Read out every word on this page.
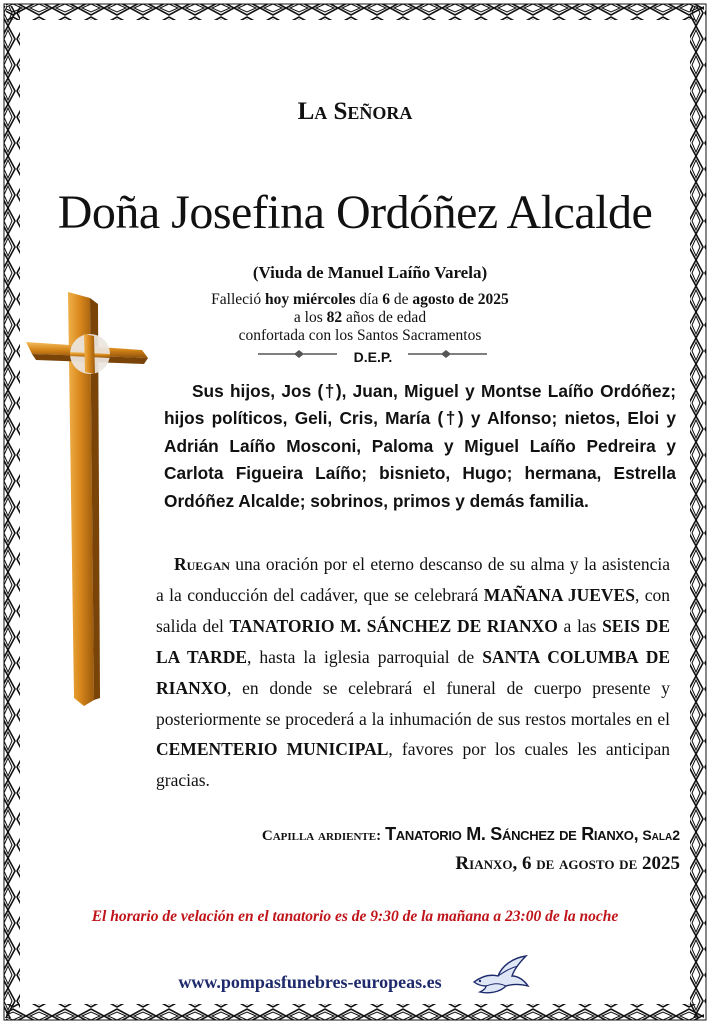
La Señora
Doña Josefina Ordóñez Alcalde
(Viuda de Manuel Laíño Varela)
Falleció hoy miércoles día 6 de agosto de 2025
a los 82 años de edad
confortada con los Santos Sacramentos
D.E.P.
Sus hijos, Jos (†), Juan, Miguel y Montse Laíño Ordóñez; hijos políticos, Geli, Cris, María (†) y Alfonso; nietos, Eloi y Adrián Laíño Mosconi, Paloma y Miguel Laíño Pedreira y Carlota Figueira Laíño; bisnieto, Hugo; hermana, Estrella Ordóñez Alcalde; sobrinos, primos y demás familia.
Ruegan una oración por el eterno descanso de su alma y la asistencia a la conducción del cadáver, que se celebrará MAÑANA JUEVES, con salida del TANATORIO M. SÁNCHEZ DE RIANXO a las SEIS DE LA TARDE, hasta la iglesia parroquial de SANTA COLUMBA DE RIANXO, en donde se celebrará el funeral de cuerpo presente y posteriormente se procederá a la inhumación de sus restos mortales en el CEMENTERIO MUNICIPAL, favores por los cuales les anticipan gracias.
Capilla ardiente: Tanatorio M. Sánchez de Rianxo, Sala2
Rianxo, 6 de agosto de 2025
El horario de velación en el tanatorio es de 9:30 de la mañana a 23:00 de la noche
www.pompasfunebres-europeas.es
